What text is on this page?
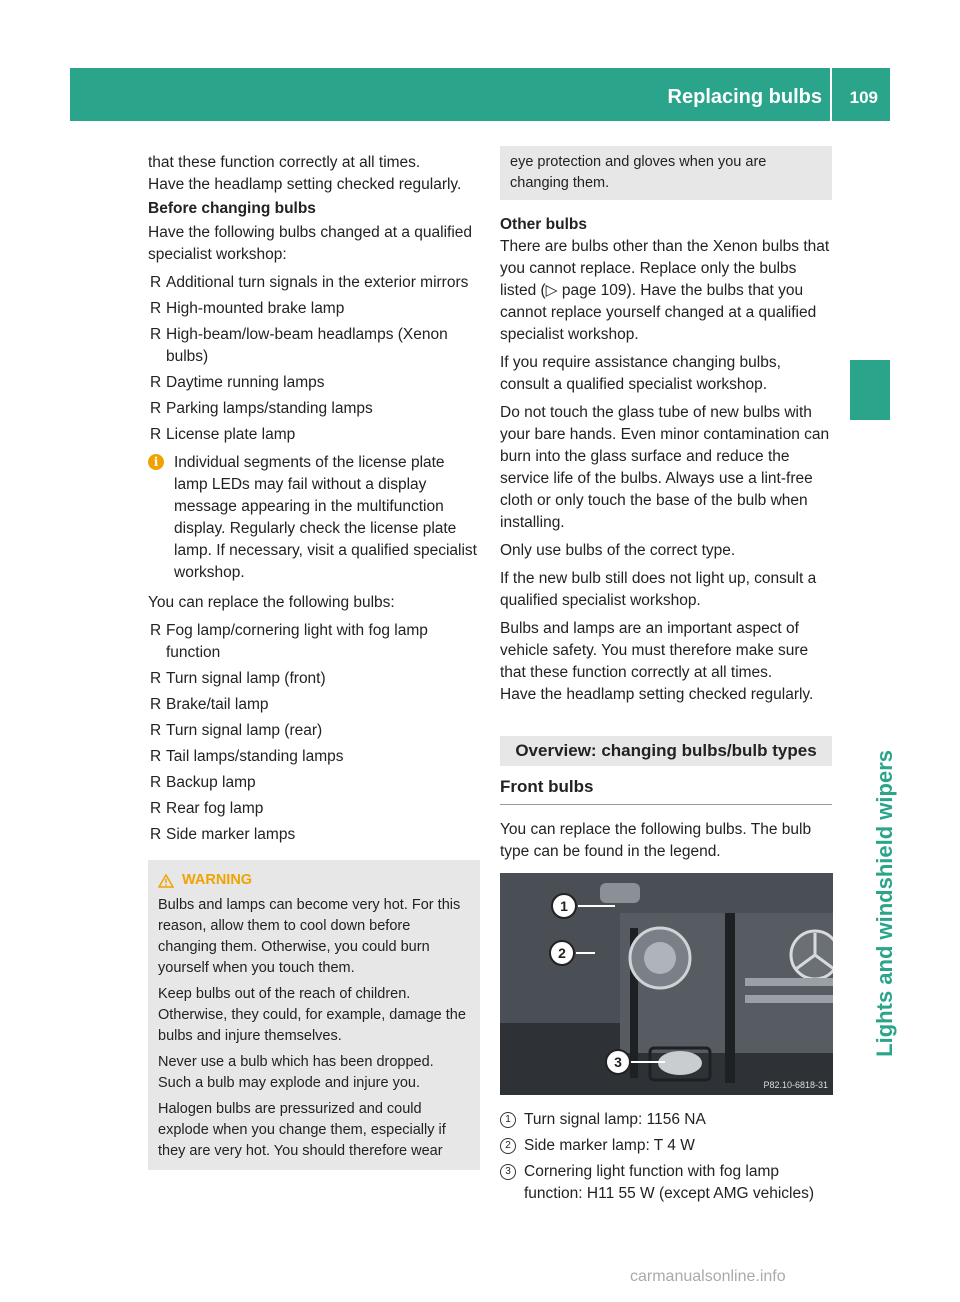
Replacing bulbs 109
Lights and windshield wipers

that these function correctly at all times.
Have the headlamp setting checked regularly.

Before changing bulbs

Have the following bulbs changed at a qualified specialist workshop:

R Additional turn signals in the exterior mirrors
R High-mounted brake lamp
R High-beam/low-beam headlamps (Xenon bulbs)
R Daytime running lamps
R Parking lamps/standing lamps
R License plate lamp
i	Individual segments of the license plate lamp LEDs may fail without a display message appearing in the multifunction display. Regularly check the license plate lamp. If necessary, visit a qualified specialist workshop.

You can replace the following bulbs:

R Fog lamp/cornering light with fog lamp function
R Turn signal lamp (front)
R Brake/tail lamp
R Turn signal lamp (rear)
R Tail lamps/standing lamps
R Backup lamp
R Rear fog lamp
R Side marker lamps
WARNING

Bulbs and lamps can become very hot. For this reason, allow them to cool down before changing them. Otherwise, you could burn yourself when you touch them.

Keep bulbs out of the reach of children. Otherwise, they could, for example, damage the bulbs and injure themselves.

Never use a bulb which has been dropped. Such a bulb may explode and injure you.

Halogen bulbs are pressurized and could explode when you change them, especially if they are very hot. You should therefore wear

eye protection and gloves when you are changing them.

Other bulbs

There are bulbs other than the Xenon bulbs that you cannot replace. Replace only the bulbs listed (▷ page 109). Have the bulbs that you cannot replace yourself changed at a qualified specialist workshop.

If you require assistance changing bulbs, consult a qualified specialist workshop.

Do not touch the glass tube of new bulbs with your bare hands. Even minor contamination can burn into the glass surface and reduce the service life of the bulbs. Always use a lint-free cloth or only touch the base of the bulb when installing.

Only use bulbs of the correct type.

If the new bulb still does not light up, consult a qualified specialist workshop.

Bulbs and lamps are an important aspect of vehicle safety. You must therefore make sure that these function correctly at all times.

Have the headlamp setting checked regularly.

Overview: changing bulbs/bulb types
Front bulbs

You can replace the following bulbs. The bulb type can be found in the legend.

1
2
3
P82.10-6818-31
1 Turn signal lamp: 1156 NA
2 Side marker lamp: T 4 W
3 Cornering light function with fog lamp function: H11 55 W (except AMG vehicles)
carmanualsonline.info
